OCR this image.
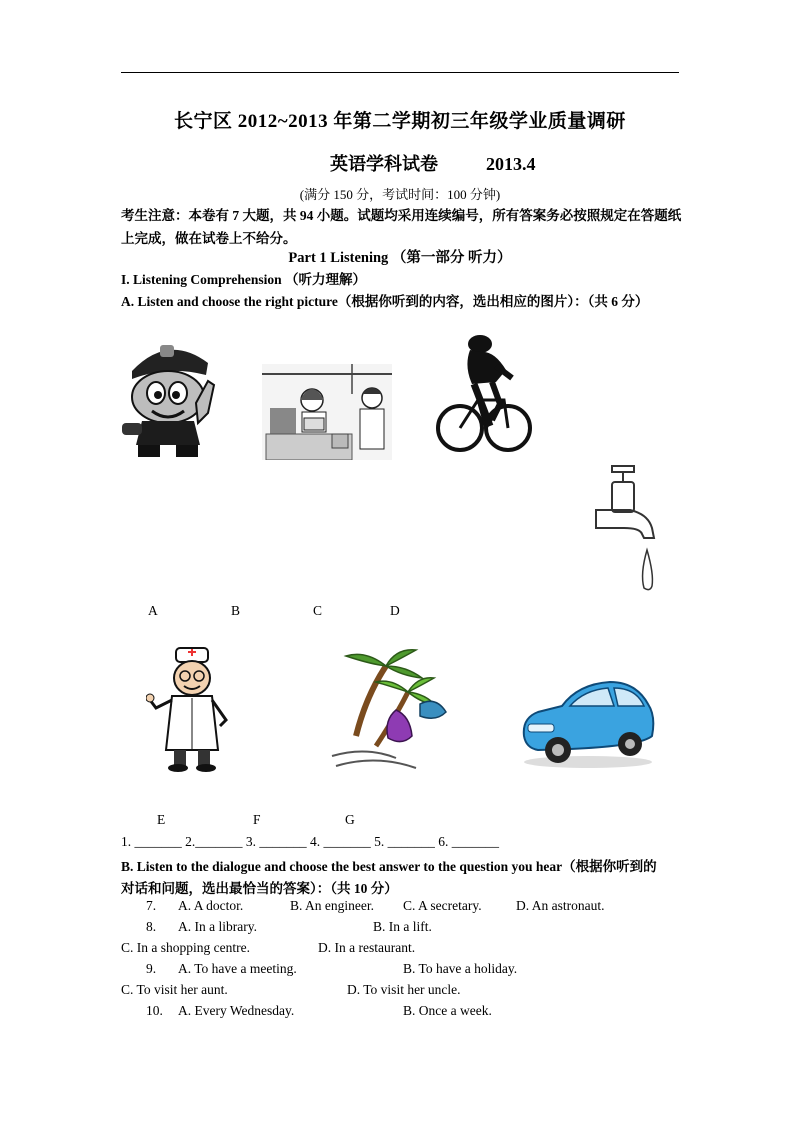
长宁区 2012~2013 年第二学期初三年级学业质量调研
英语学科试卷	2013.4
(满分 150 分，考试时间：100 分钟)
考生注意：本卷有 7 大题，共 94 小题。试题均采用连续编号，所有答案务必按照规定在答题纸上完成，做在试卷上不给分。
Part 1 Listening （第一部分 听力）
I. Listening Comprehension （听力理解）
A. Listen and choose the right picture（根据你听到的内容，选出相应的图片）：（共 6 分）
A	B	C	D
E	F	G
1. _______ 2._______ 3. _______ 4. _______ 5. _______ 6. _______
B. Listen to the dialogue and choose the best answer to the question you hear（根据你听到的
对话和问题，选出最恰当的答案）：（共 10 分）
7. A. A doctor.	B. An engineer. C. A secretary.	D. An astronaut.
8. A. In a library.	B. In a lift.
C. In a shopping centre.	D. In a restaurant.
9. A. To have a meeting.	B. To have a holiday.
C. To visit her aunt.	D. To visit her uncle.
10. A. Every Wednesday.	B. Once a week.
